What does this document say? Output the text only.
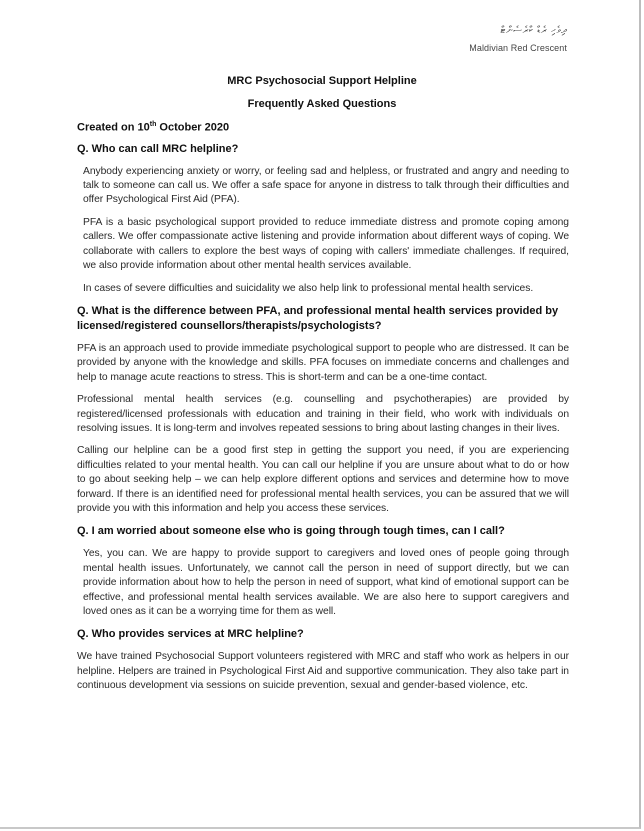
ދިވެހި ރެޑް ކްރެސެންޓް
Maldivian Red Crescent
MRC Psychosocial Support Helpline
Frequently Asked Questions
Created on 10th October 2020
Q. Who can call MRC helpline?
Anybody experiencing anxiety or worry, or feeling sad and helpless, or frustrated and angry and needing to talk to someone can call us. We offer a safe space for anyone in distress to talk through their difficulties and offer Psychological First Aid (PFA).
PFA is a basic psychological support provided to reduce immediate distress and promote coping among callers. We offer compassionate active listening and provide information about different ways of coping. We collaborate with callers to explore the best ways of coping with callers' immediate challenges. If required, we also provide information about other mental health services available.
In cases of severe difficulties and suicidality we also help link to professional mental health services.
Q. What is the difference between PFA, and professional mental health services provided by licensed/registered counsellors/therapists/psychologists?
PFA is an approach used to provide immediate psychological support to people who are distressed. It can be provided by anyone with the knowledge and skills. PFA focuses on immediate concerns and challenges and help to manage acute reactions to stress. This is short-term and can be a one-time contact.
Professional mental health services (e.g. counselling and psychotherapies) are provided by registered/licensed professionals with education and training in their field, who work with individuals on resolving issues. It is long-term and involves repeated sessions to bring about lasting changes in their lives.
Calling our helpline can be a good first step in getting the support you need, if you are experiencing difficulties related to your mental health. You can call our helpline if you are unsure about what to do or how to go about seeking help – we can help explore different options and services and determine how to move forward. If there is an identified need for professional mental health services, you can be assured that we will provide you with this information and help you access these services.
Q. I am worried about someone else who is going through tough times, can I call?
Yes, you can. We are happy to provide support to caregivers and loved ones of people going through mental health issues. Unfortunately, we cannot call the person in need of support directly, but we can provide information about how to help the person in need of support, what kind of emotional support can be effective, and professional mental health services available. We are also here to support caregivers and loved ones as it can be a worrying time for them as well.
Q. Who provides services at MRC helpline?
We have trained Psychosocial Support volunteers registered with MRC and staff who work as helpers in our helpline. Helpers are trained in Psychological First Aid and supportive communication. They also take part in continuous development via sessions on suicide prevention, sexual and gender-based violence, etc.
